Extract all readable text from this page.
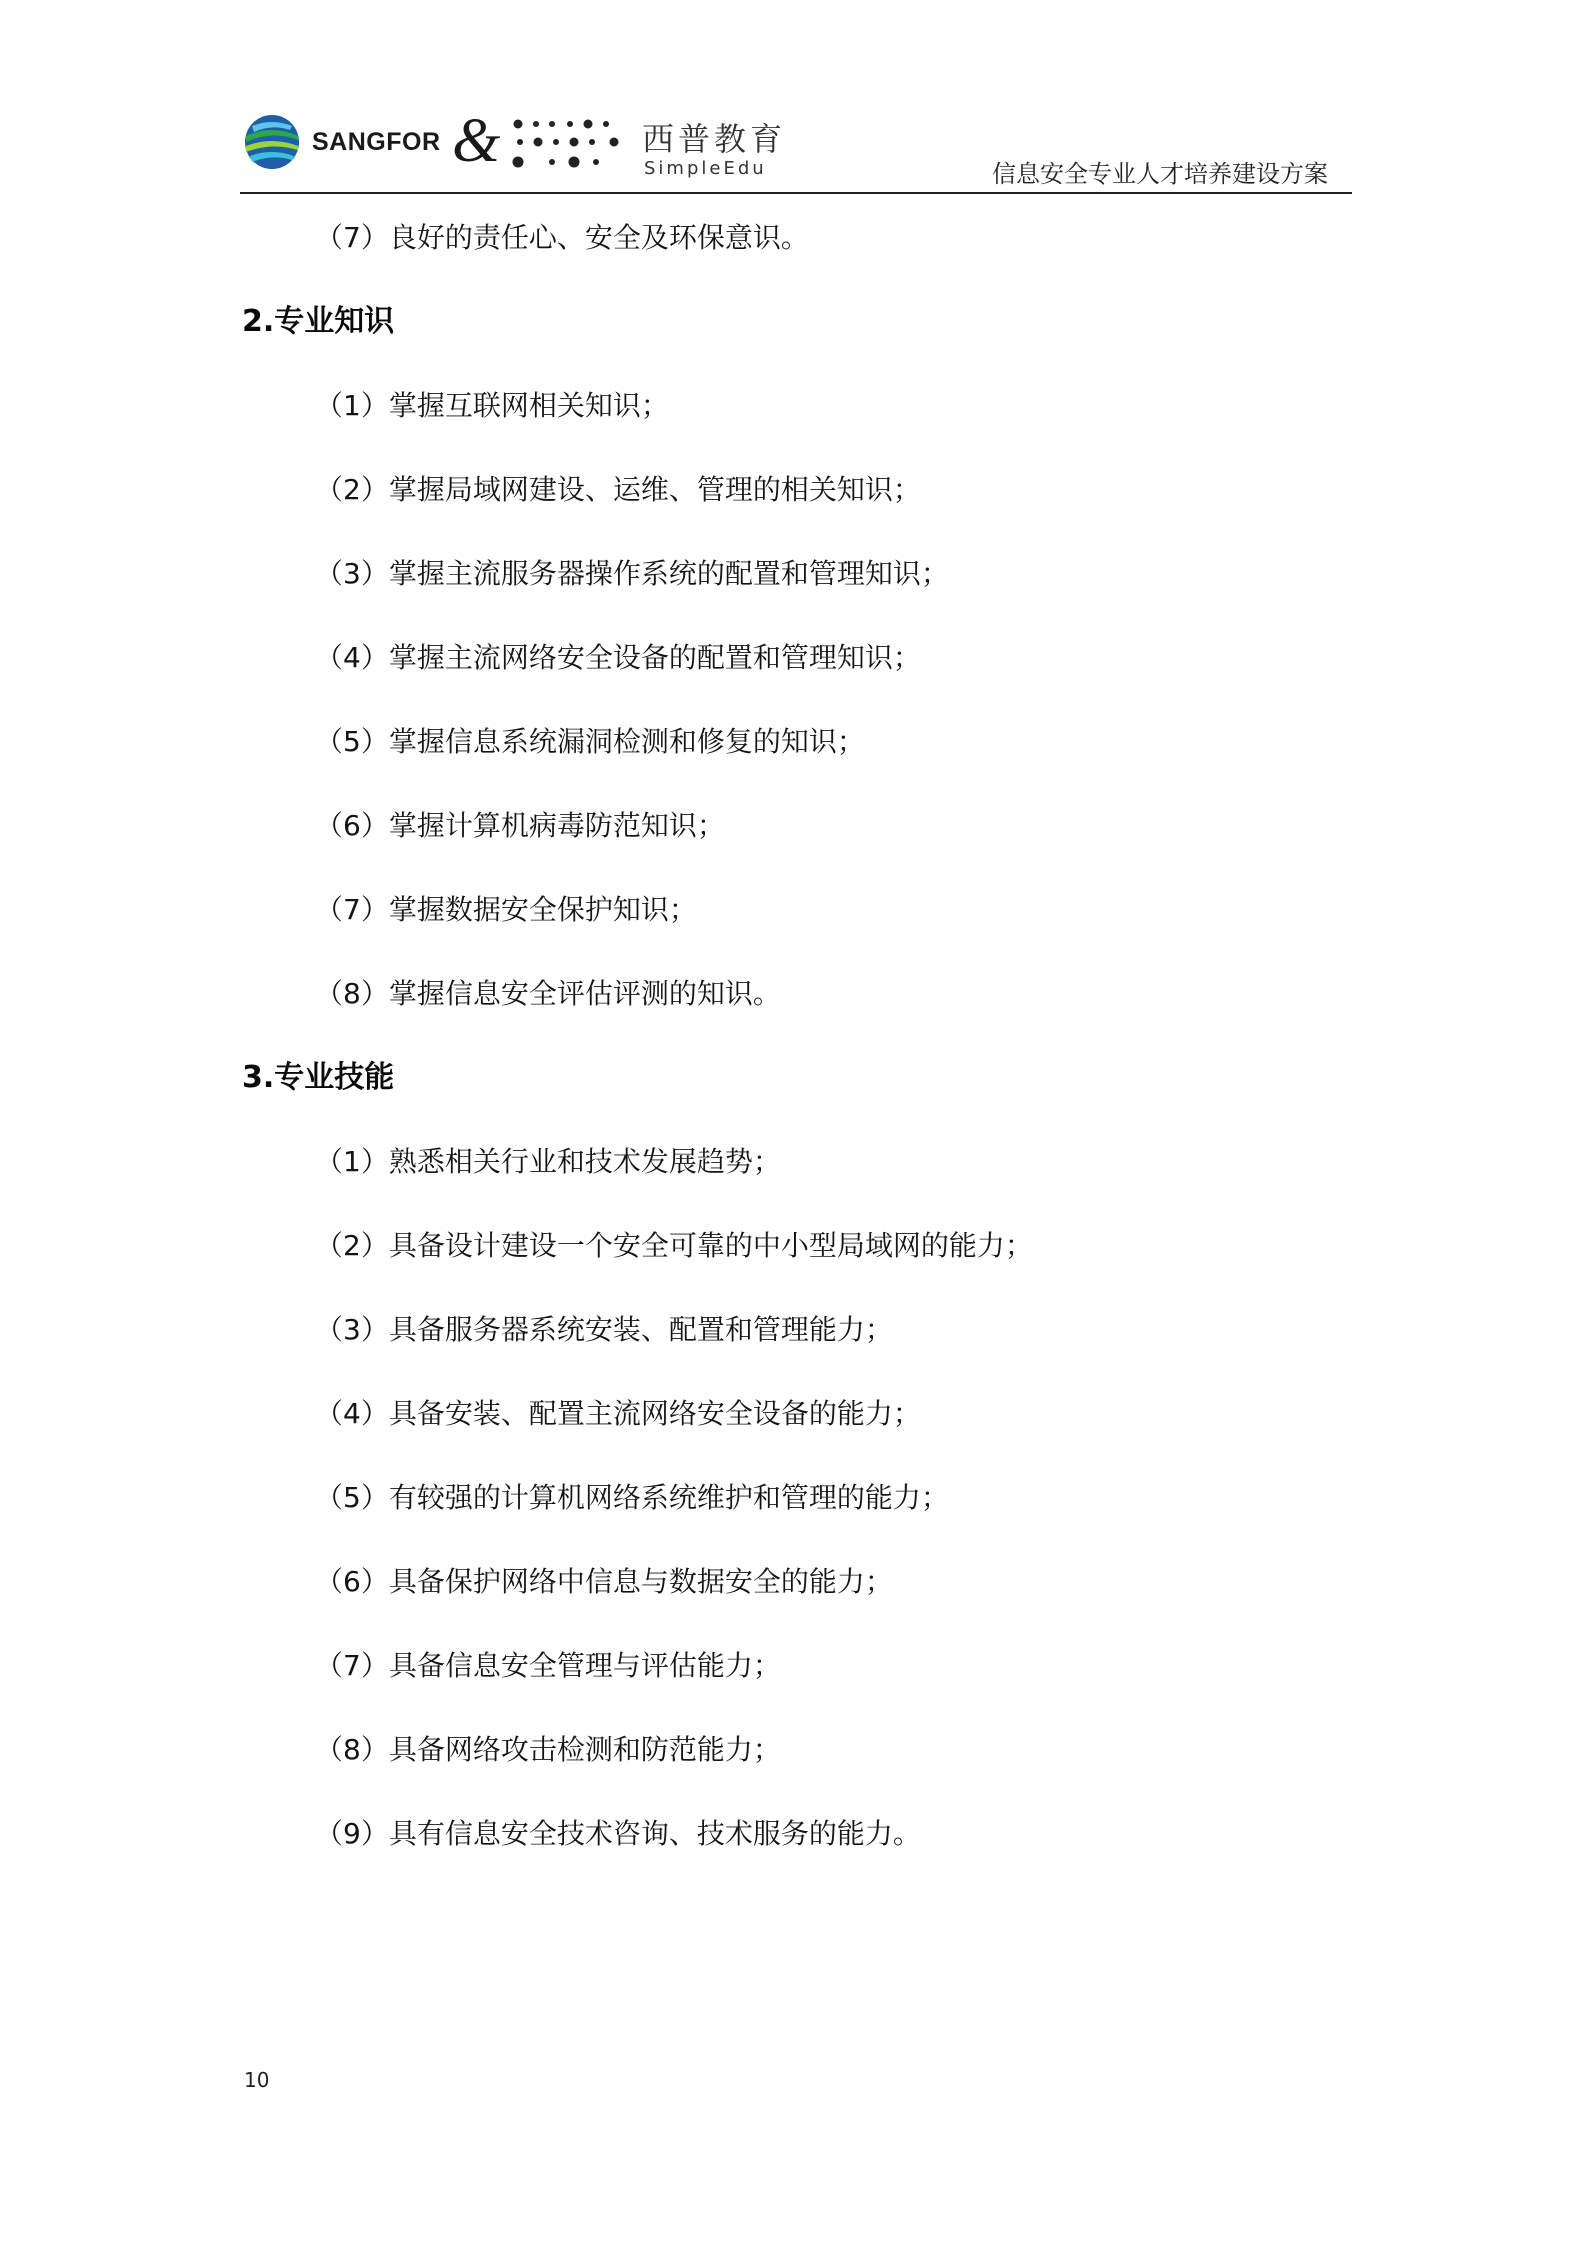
SANGFOR &	西普教育
SimpleEdu	信息安全专业人才培养建设方案
（7）良好的责任心、安全及环保意识。
2.专业知识
（1）掌握互联网相关知识；
（2）掌握局域网建设、运维、管理的相关知识；
（3）掌握主流服务器操作系统的配置和管理知识；
（4）掌握主流网络安全设备的配置和管理知识；
（5）掌握信息系统漏洞检测和修复的知识；
（6）掌握计算机病毒防范知识；
（7）掌握数据安全保护知识；
（8）掌握信息安全评估评测的知识。
3.专业技能
（1）熟悉相关行业和技术发展趋势；
（2）具备设计建设一个安全可靠的中小型局域网的能力；
（3）具备服务器系统安装、配置和管理能力；
（4）具备安装、配置主流网络安全设备的能力；
（5）有较强的计算机网络系统维护和管理的能力；
（6）具备保护网络中信息与数据安全的能力；
（7）具备信息安全管理与评估能力；
（8）具备网络攻击检测和防范能力；
（9）具有信息安全技术咨询、技术服务的能力。
10
